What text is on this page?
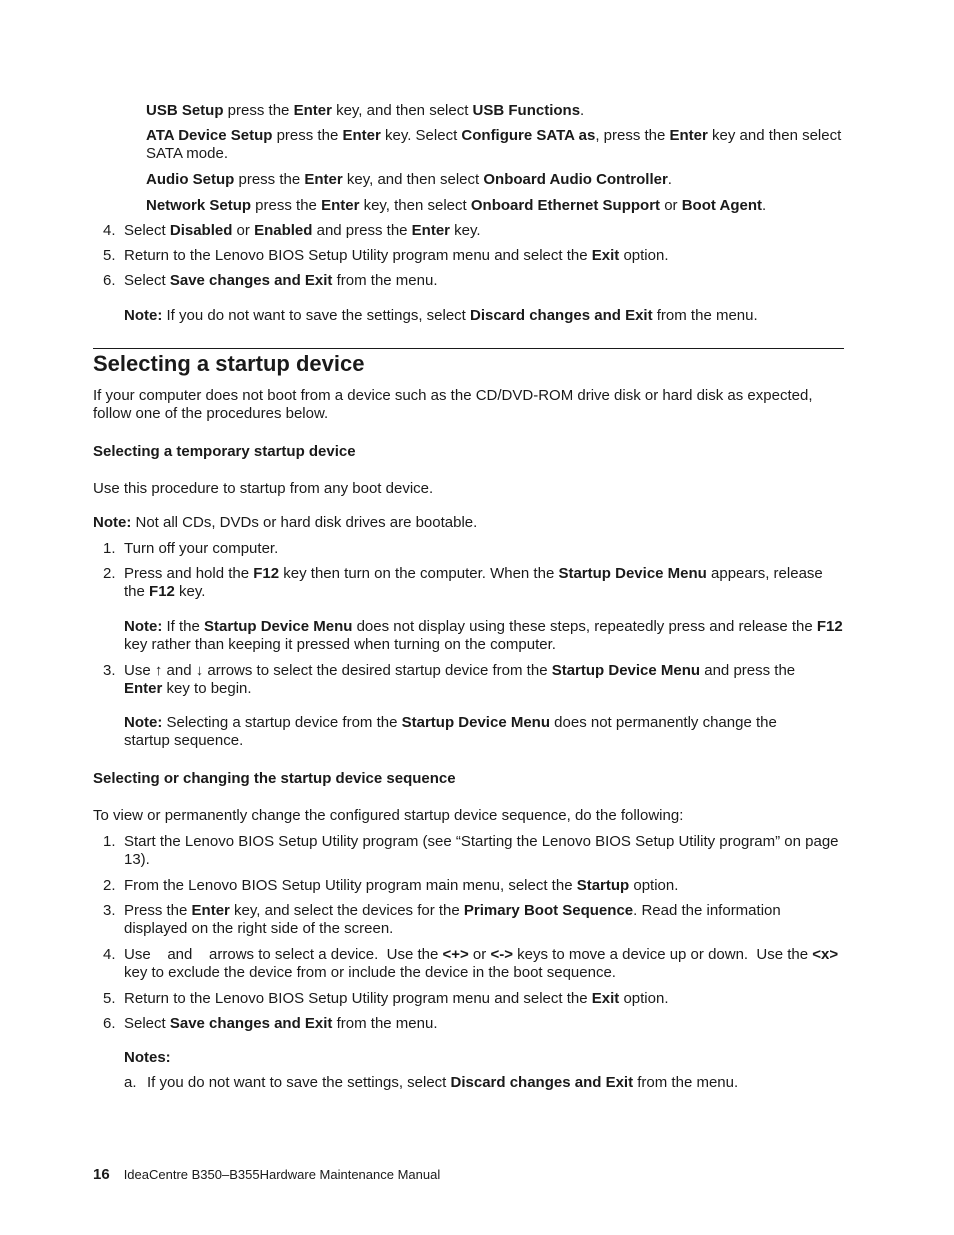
USB Setup press the Enter key, and then select USB Functions.

ATA Device Setup press the Enter key. Select Configure SATA as, press the Enter key and then select SATA mode.

Audio Setup press the Enter key, and then select Onboard Audio Controller.

Network Setup press the Enter key, then select Onboard Ethernet Support or Boot Agent.

4. Select Disabled or Enabled and press the Enter key.

5. Return to the Lenovo BIOS Setup Utility program menu and select the Exit option.

6. Select Save changes and Exit from the menu.

Note: If you do not want to save the settings, select Discard changes and Exit from the menu.

Selecting a startup device

If your computer does not boot from a device such as the CD/DVD-ROM drive disk or hard disk as expected, follow one of the procedures below.

Selecting a temporary startup device

Use this procedure to startup from any boot device.

Note: Not all CDs, DVDs or hard disk drives are bootable.

1. Turn off your computer.

2. Press and hold the F12 key then turn on the computer. When the Startup Device Menu appears, release the F12 key.

Note: If the Startup Device Menu does not display using these steps, repeatedly press and release the F12 key rather than keeping it pressed when turning on the computer.

3. Use ↑ and ↓ arrows to select the desired startup device from the Startup Device Menu and press the Enter key to begin.

Note: Selecting a startup device from the Startup Device Menu does not permanently change the startup sequence.

Selecting or changing the startup device sequence

To view or permanently change the configured startup device sequence, do the following:

1. Start the Lenovo BIOS Setup Utility program (see “Starting the Lenovo BIOS Setup Utility program” on page 13).

2. From the Lenovo BIOS Setup Utility program main menu, select the Startup option.

3. Press the Enter key, and select the devices for the Primary Boot Sequence. Read the information displayed on the right side of the screen.

4. Use    and    arrows to select a device.  Use the <+> or <-> keys to move a device up or down.  Use the <x> key to exclude the device from or include the device in the boot sequence.

5. Return to the Lenovo BIOS Setup Utility program menu and select the Exit option.

6. Select Save changes and Exit from the menu.

Notes:

a. If you do not want to save the settings, select Discard changes and Exit from the menu.

16 IdeaCentre B350–B355Hardware Maintenance Manual
